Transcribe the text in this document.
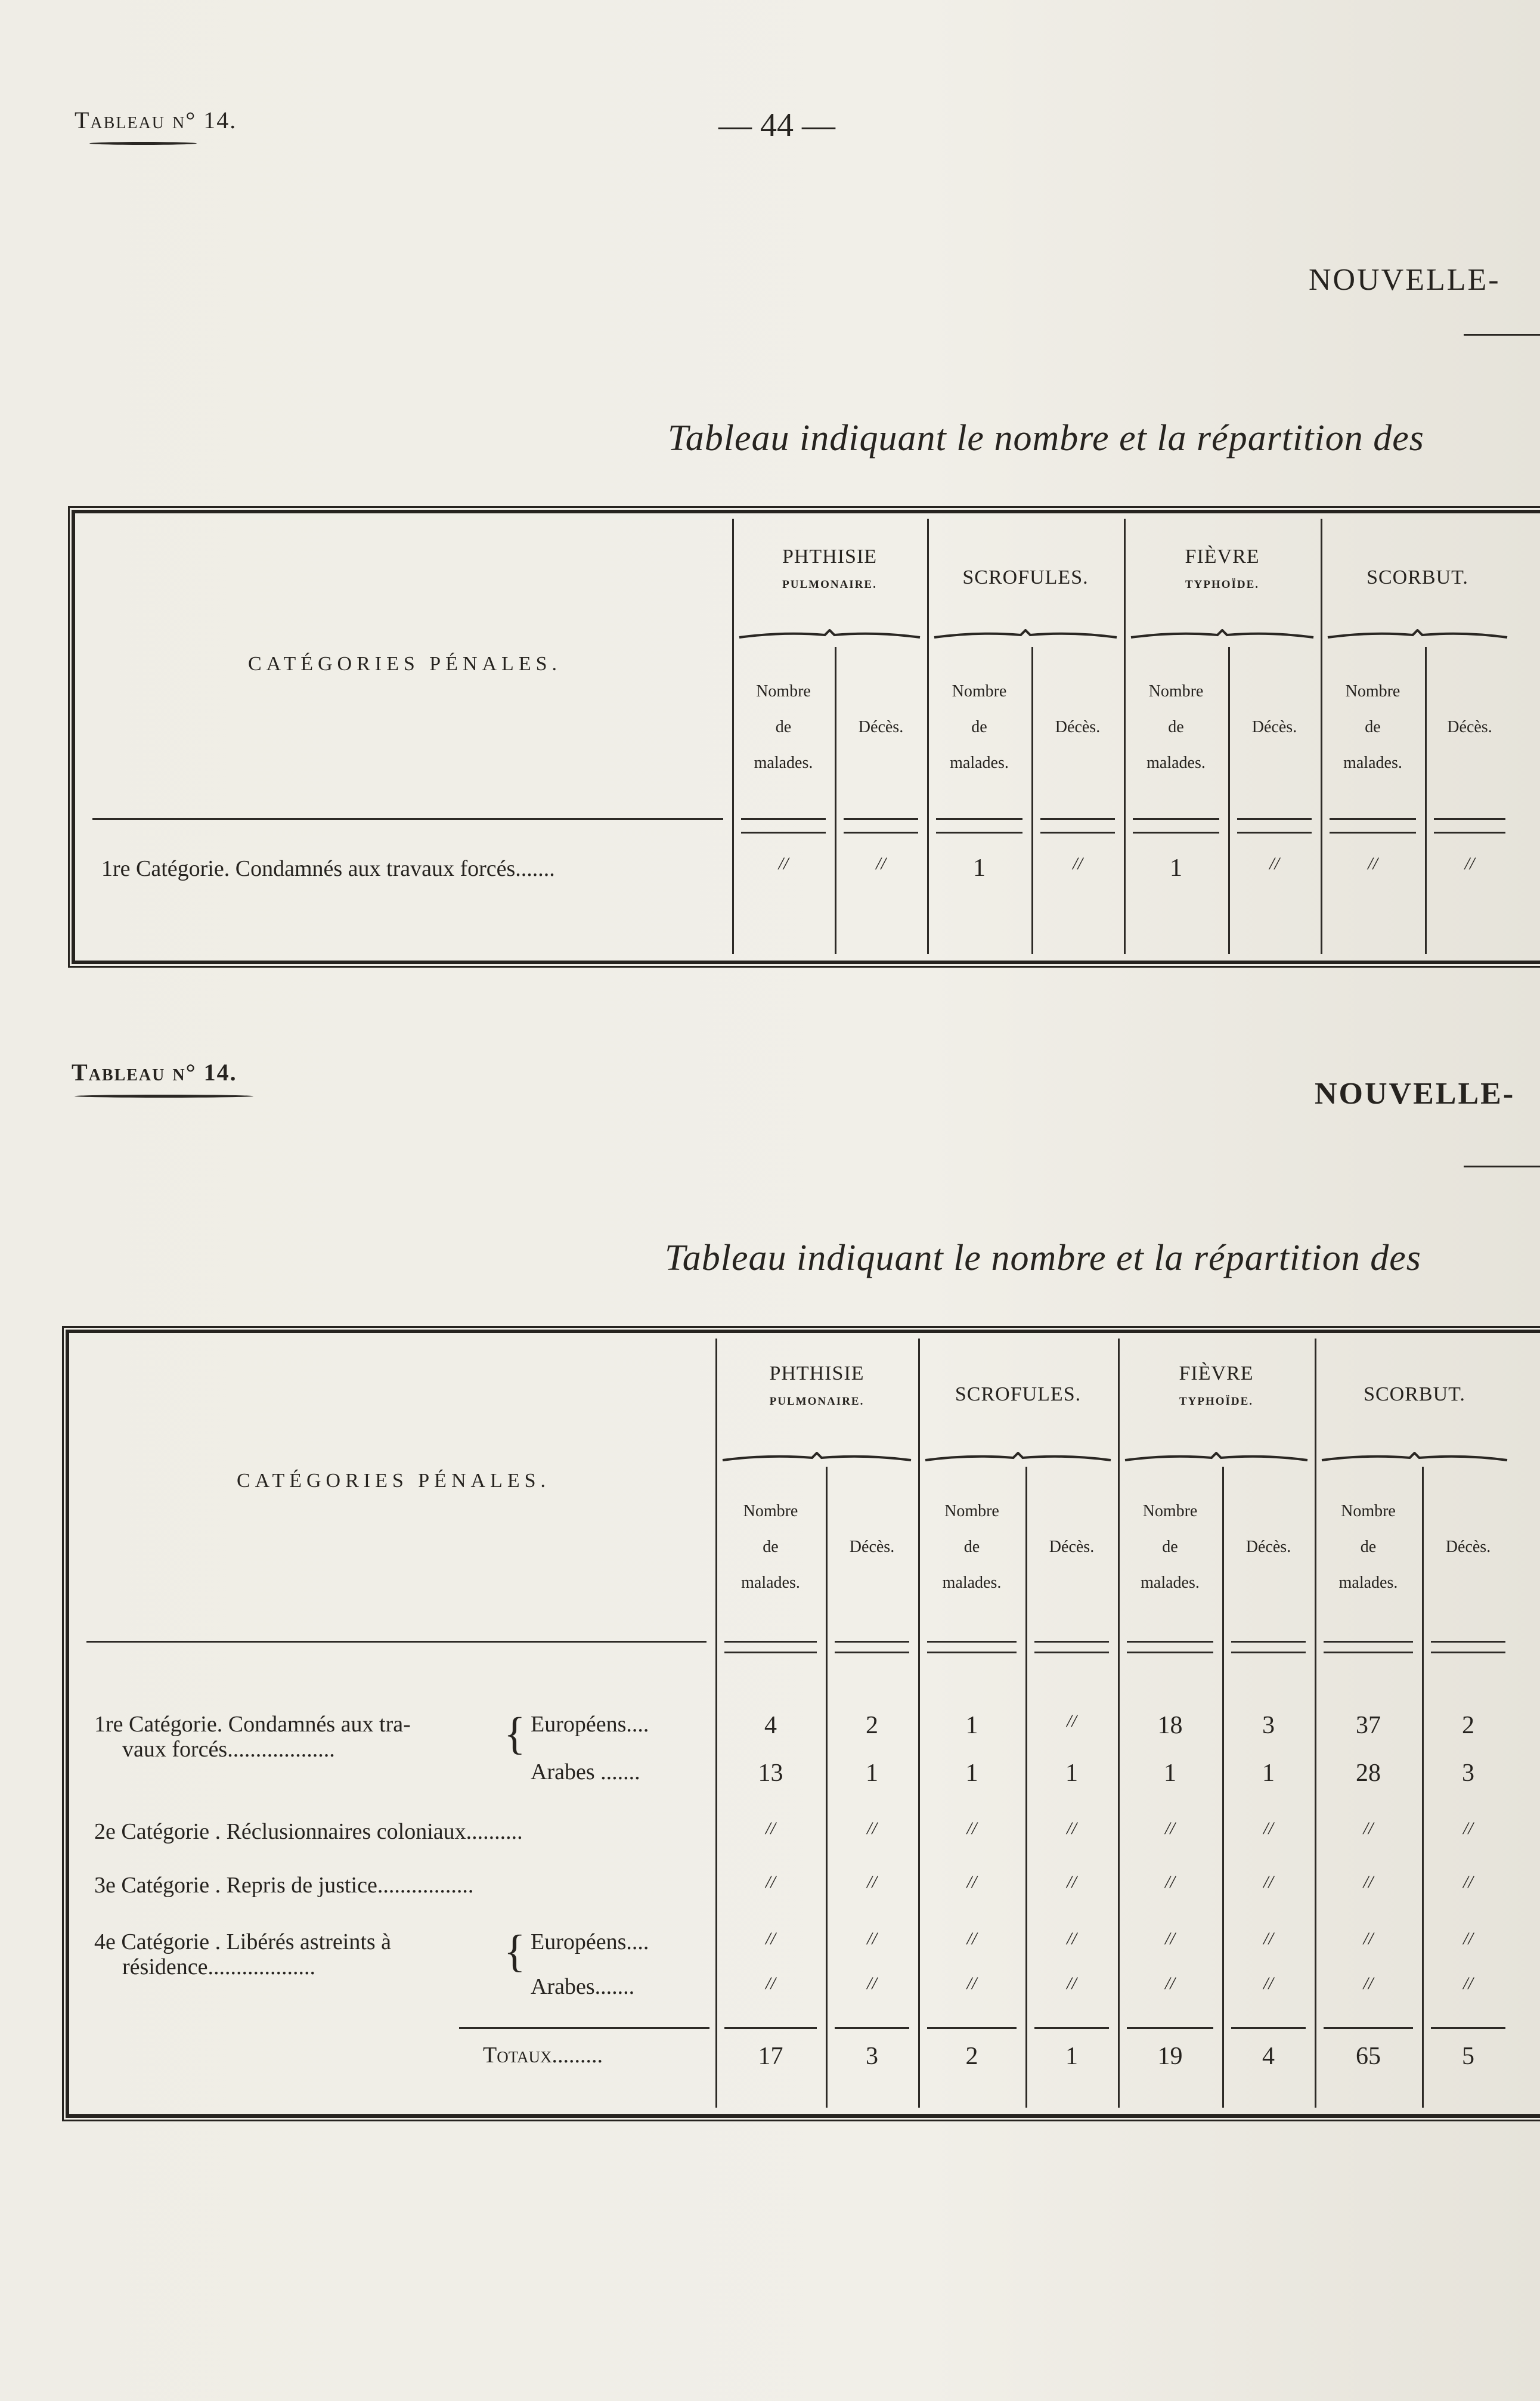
Tableau n° 14.	— 44 —
NOUVELLE-
Tableau indiquant le nombre et la répartition des
CATÉGORIES PÉNALES.
PHTHISIE
PULMONAIRE.
Nombre
de
malades.
Décès.
SCROFULES.
Nombre
de
malades.
Décès.
FIÈVRE
TYPHOÏDE.
Nombre
de
malades.
Décès.
SCORBUT.
Nombre
de
malades.
Décès.
1re Catégorie. Condamnés aux travaux forcés.......	//	//	1	//	1	//	//	//
Tableau n° 14.
NOUVELLE-
Tableau indiquant le nombre et la répartition des
CATÉGORIES PÉNALES.
PHTHISIE
PULMONAIRE.
Nombre
de
malades.
Décès.
SCROFULES.
Nombre
de
malades.
Décès.
FIÈVRE
TYPHOÏDE.
Nombre
de
malades.
Décès.
SCORBUT.
Nombre
de
malades.
Décès.
1re Catégorie. Condamnés aux tra-
vaux forcés...................
Européens....	4	2	1	//	18	3	37	2
Arabes .......	13	1	1	1	1	1	28	3
2e Catégorie . Réclusionnaires coloniaux..........	//	//	//	//	//	//	//	//
3e Catégorie . Repris de justice.................	//	//	//	//	//	//	//	//
4e Catégorie . Libérés astreints à
résidence...................
Européens....	//	//	//	//	//	//	//	//
Arabes.......	//	//	//	//	//	//	//	//
{
{
Totaux.........	17	3	2	1	19	4	65	5
